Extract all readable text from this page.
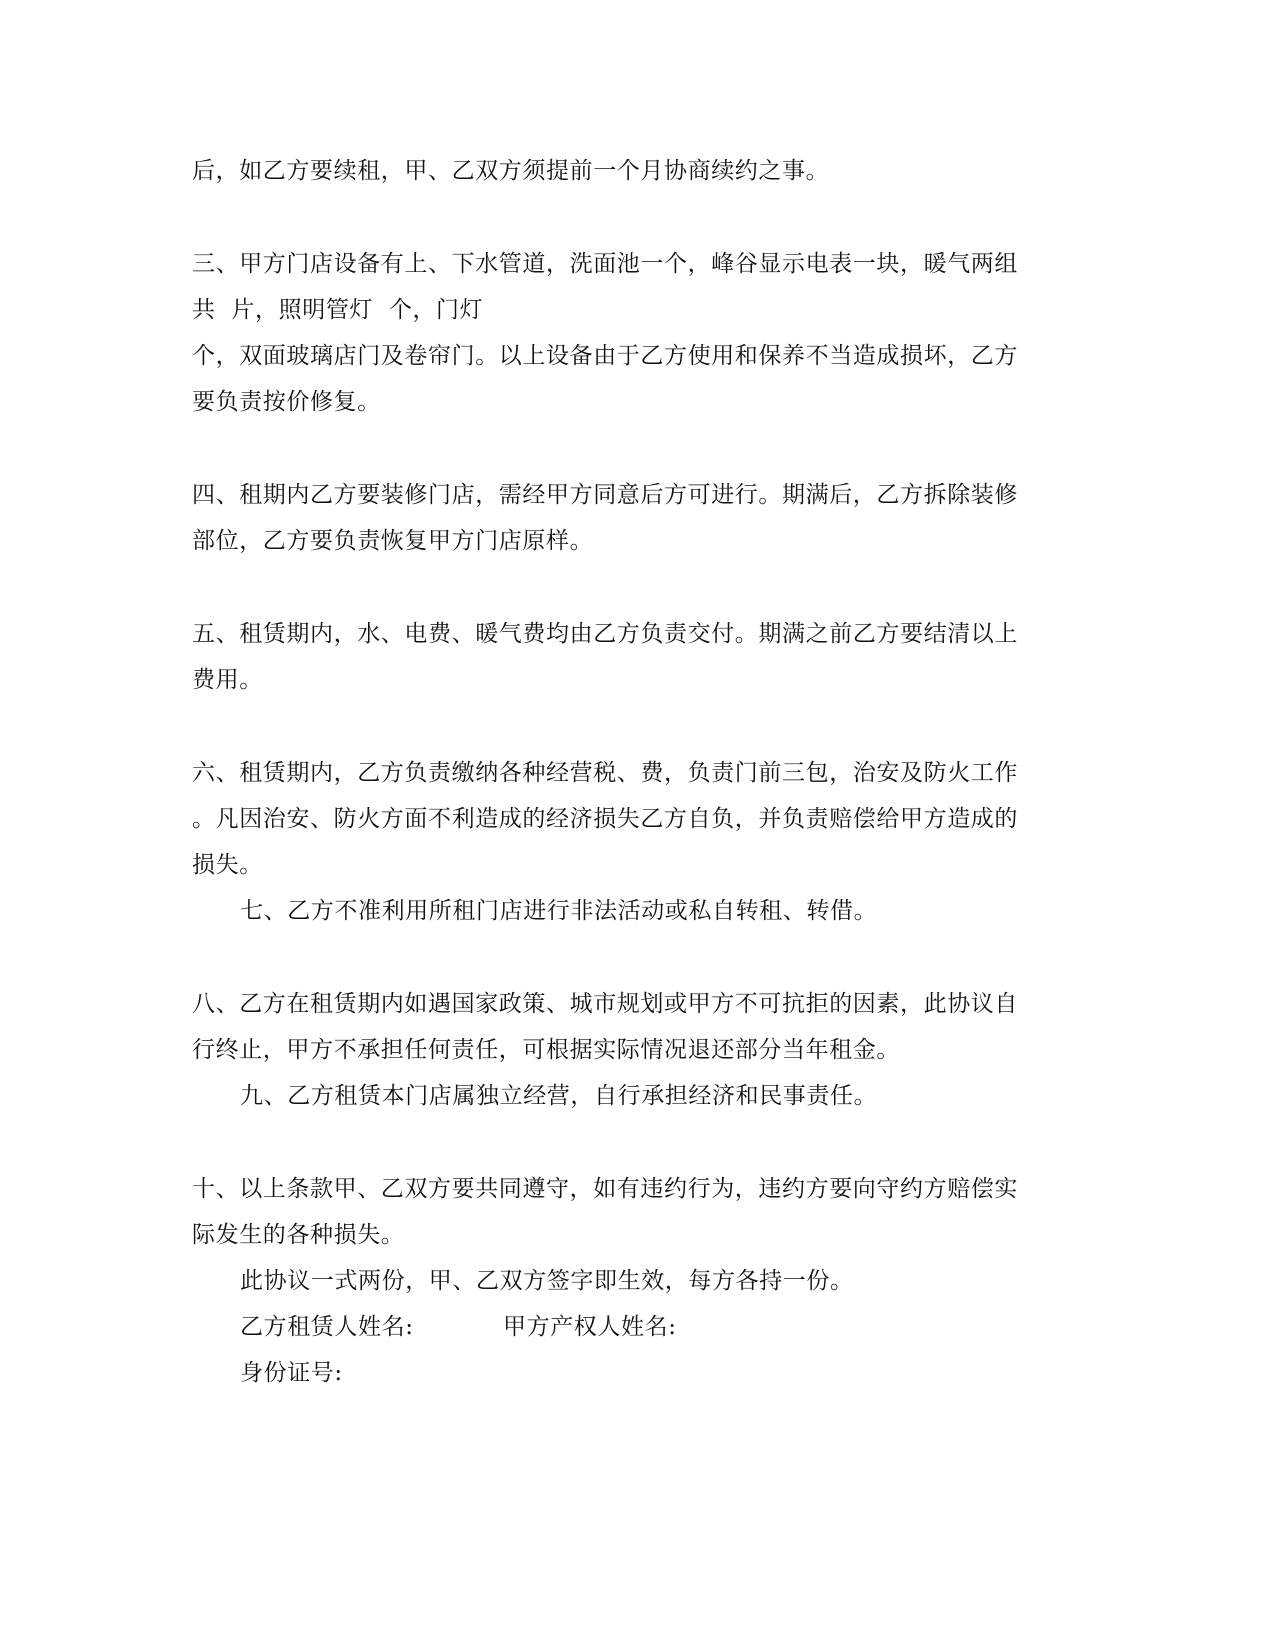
后，如乙方要续租，甲、乙双方须提前一个月协商续约之事。
三、甲方门店设备有上、下水管道，洗面池一个，峰谷显示电表一块，暖气两组
共  片，照明管灯  个，门灯
个，双面玻璃店门及卷帘门。以上设备由于乙方使用和保养不当造成损坏，乙方
要负责按价修复。
四、租期内乙方要装修门店，需经甲方同意后方可进行。期满后，乙方拆除装修
部位，乙方要负责恢复甲方门店原样。
五、租赁期内，水、电费、暖气费均由乙方负责交付。期满之前乙方要结清以上
费用。
六、租赁期内，乙方负责缴纳各种经营税、费，负责门前三包，治安及防火工作
。凡因治安、防火方面不利造成的经济损失乙方自负，并负责赔偿给甲方造成的
损失。
七、乙方不准利用所租门店进行非法活动或私自转租、转借。
八、乙方在租赁期内如遇国家政策、城市规划或甲方不可抗拒的因素，此协议自
行终止，甲方不承担任何责任，可根据实际情况退还部分当年租金。
九、乙方租赁本门店属独立经营，自行承担经济和民事责任。
十、以上条款甲、乙双方要共同遵守，如有违约行为，违约方要向守约方赔偿实
际发生的各种损失。
此协议一式两份，甲、乙双方签字即生效，每方各持一份。
乙方租赁人姓名:	甲方产权人姓名:
身份证号:
